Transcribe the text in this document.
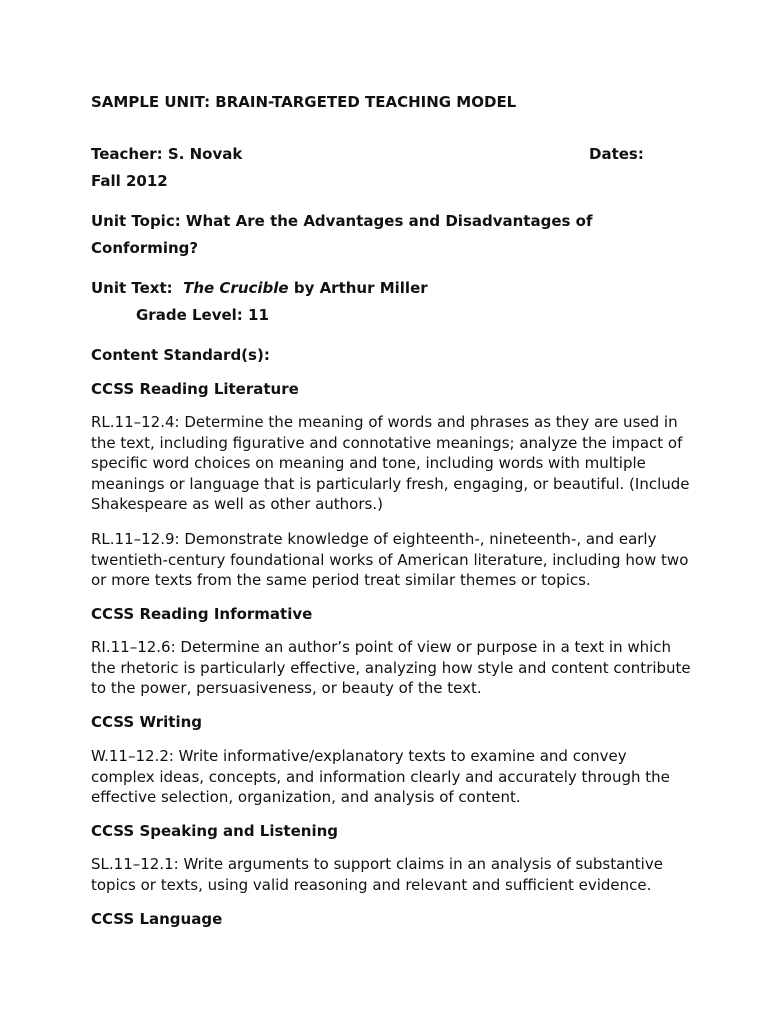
SAMPLE UNIT: BRAIN-TARGETED TEACHING MODEL

Teacher: S. Novak	Dates:

Fall 2012

Unit Topic: What Are the Advantages and Disadvantages of

Conforming?

Unit Text: The Crucible by Arthur Miller

Grade Level: 11

Content Standard(s):

CCSS Reading Literature

RL.11–12.4: Determine the meaning of words and phrases as they are used in the text, including figurative and connotative meanings; analyze the impact of specific word choices on meaning and tone, including words with multiple meanings or language that is particularly fresh, engaging, or beautiful. (Include Shakespeare as well as other authors.)

RL.11–12.9: Demonstrate knowledge of eighteenth-, nineteenth-, and early twentieth-century foundational works of American literature, including how two or more texts from the same period treat similar themes or topics.

CCSS Reading Informative

RI.11–12.6: Determine an author’s point of view or purpose in a text in which the rhetoric is particularly effective, analyzing how style and content contribute to the power, persuasiveness, or beauty of the text.

CCSS Writing

W.11–12.2: Write informative/explanatory texts to examine and convey complex ideas, concepts, and information clearly and accurately through the effective selection, organization, and analysis of content.

CCSS Speaking and Listening

SL.11–12.1: Write arguments to support claims in an analysis of substantive topics or texts, using valid reasoning and relevant and sufficient evidence.

CCSS Language
